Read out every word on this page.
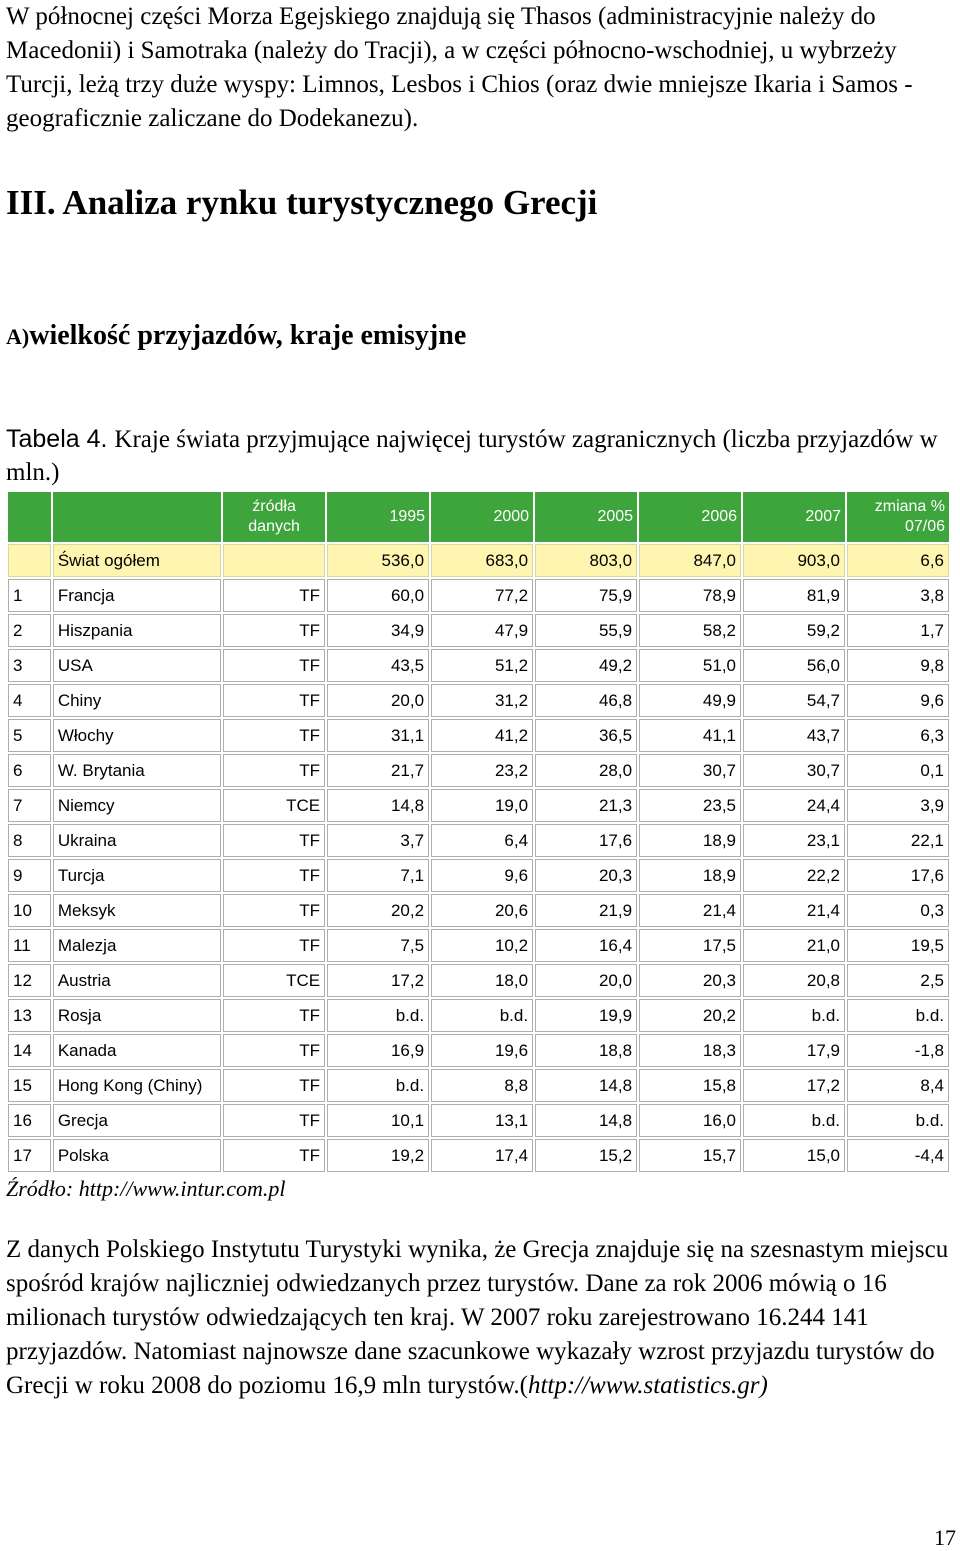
W północnej części Morza Egejskiego znajdują się Thasos (administracyjnie należy do Macedonii) i Samotraka (należy do Tracji), a w części północno-wschodniej, u wybrzeży Turcji, leżą trzy duże wyspy: Limnos, Lesbos i Chios (oraz dwie mniejsze Ikaria i Samos - geograficznie zaliczane do Dodekanezu).

III. Analiza rynku turystycznego Grecji
A)wielkość przyjazdów, kraje emisyjne
Tabela 4. Kraje świata przyjmujące najwięcej turystów zagranicznych (liczba przyjazdów w mln.)
		źródła danych	1995	2000	2005	2006	2007	zmiana % 07/06
	Świat ogółem		536,0	683,0	803,0	847,0	903,0	6,6
1	Francja	TF	60,0	77,2	75,9	78,9	81,9	3,8
2	Hiszpania	TF	34,9	47,9	55,9	58,2	59,2	1,7
3	USA	TF	43,5	51,2	49,2	51,0	56,0	9,8
4	Chiny	TF	20,0	31,2	46,8	49,9	54,7	9,6
5	Włochy	TF	31,1	41,2	36,5	41,1	43,7	6,3
6	W. Brytania	TF	21,7	23,2	28,0	30,7	30,7	0,1
7	Niemcy	TCE	14,8	19,0	21,3	23,5	24,4	3,9
8	Ukraina	TF	3,7	6,4	17,6	18,9	23,1	22,1
9	Turcja	TF	7,1	9,6	20,3	18,9	22,2	17,6
10	Meksyk	TF	20,2	20,6	21,9	21,4	21,4	0,3
11	Malezja	TF	7,5	10,2	16,4	17,5	21,0	19,5
12	Austria	TCE	17,2	18,0	20,0	20,3	20,8	2,5
13	Rosja	TF	b.d.	b.d.	19,9	20,2	b.d.	b.d.
14	Kanada	TF	16,9	19,6	18,8	18,3	17,9	-1,8
15	Hong Kong (Chiny)	TF	b.d.	8,8	14,8	15,8	17,2	8,4
16	Grecja	TF	10,1	13,1	14,8	16,0	b.d.	b.d.
17	Polska	TF	19,2	17,4	15,2	15,7	15,0	-4,4
Źródło: http://www.intur.com.pl

Z danych Polskiego Instytutu Turystyki wynika, że Grecja znajduje się na szesnastym miejscu spośród krajów najliczniej odwiedzanych przez turystów. Dane za rok 2006 mówią o 16 milionach turystów odwiedzających ten kraj. W 2007 roku zarejestrowano 16.244 141 przyjazdów. Natomiast najnowsze dane szacunkowe wykazały wzrost przyjazdu turystów do Grecji w roku 2008 do poziomu 16,9 mln turystów.(http://www.statistics.gr)

17
